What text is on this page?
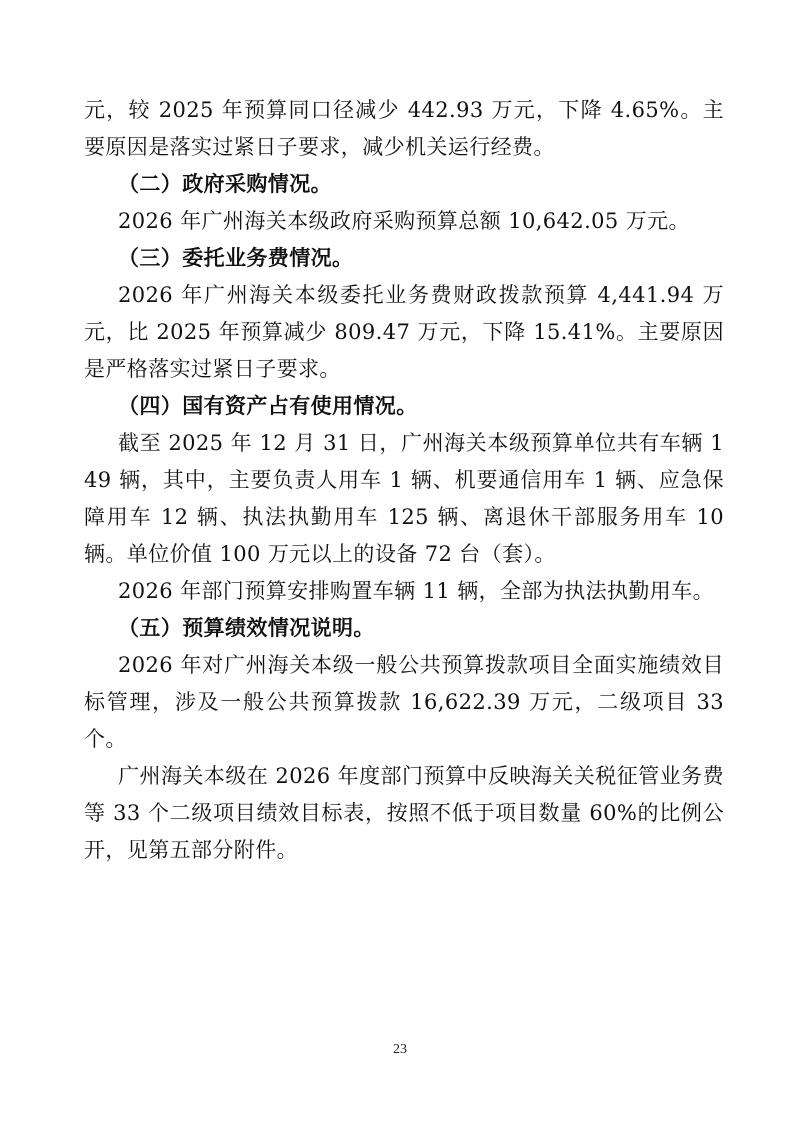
元，较 2025 年预算同口径减少 442.93 万元，下降 4.65%。主要原因是落实过紧日子要求，减少机关运行经费。

（二）政府采购情况。

2026 年广州海关本级政府采购预算总额 10,642.05 万元。

（三）委托业务费情况。

2026 年广州海关本级委托业务费财政拨款预算 4,441.94 万元，比 2025 年预算减少 809.47 万元，下降 15.41%。主要原因是严格落实过紧日子要求。

（四）国有资产占有使用情况。

截至 2025 年 12 月 31 日，广州海关本级预算单位共有车辆 149 辆，其中，主要负责人用车 1 辆、机要通信用车 1 辆、应急保障用车 12 辆、执法执勤用车 125 辆、离退休干部服务用车 10 辆。单位价值 100 万元以上的设备 72 台（套）。

2026 年部门预算安排购置车辆 11 辆，全部为执法执勤用车。

（五）预算绩效情况说明。

2026 年对广州海关本级一般公共预算拨款项目全面实施绩效目标管理，涉及一般公共预算拨款 16,622.39 万元，二级项目 33 个。

广州海关本级在 2026 年度部门预算中反映海关关税征管业务费等 33 个二级项目绩效目标表，按照不低于项目数量 60%的比例公开，见第五部分附件。

23
